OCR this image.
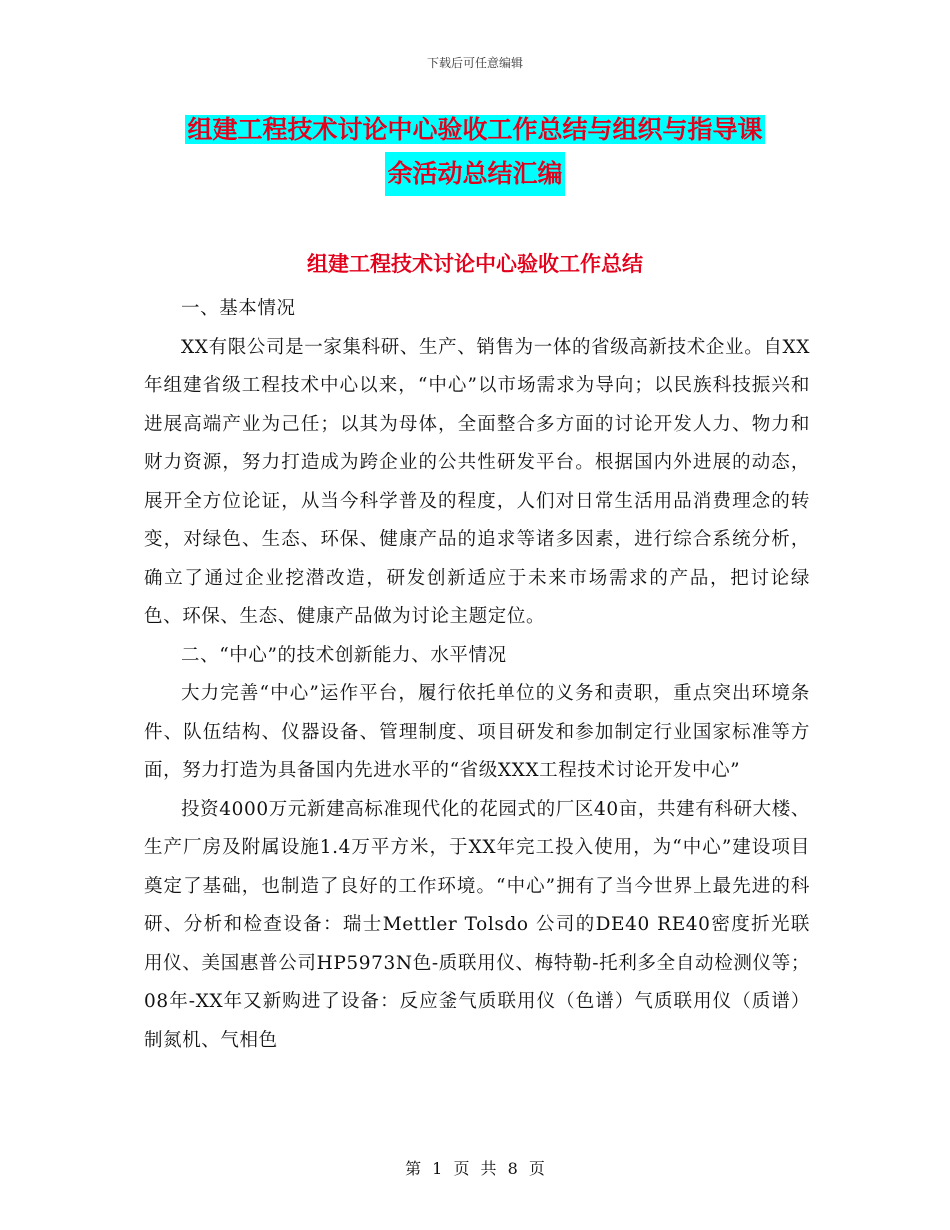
下载后可任意编辑
组建工程技术讨论中心验收工作总结与组织与指导课
余活动总结汇编
组建工程技术讨论中心验收工作总结

一、基本情况

XX有限公司是一家集科研、生产、销售为一体的省级高新技术企业。自XX年组建省级工程技术中心以来，“中心”以市场需求为导向；以民族科技振兴和进展高端产业为己任；以其为母体，全面整合多方面的讨论开发人力、物力和财力资源，努力打造成为跨企业的公共性研发平台。根据国内外进展的动态，展开全方位论证，从当今科学普及的程度，人们对日常生活用品消费理念的转变，对绿色、生态、环保、健康产品的追求等诸多因素，进行综合系统分析，确立了通过企业挖潜改造，研发创新适应于未来市场需求的产品，把讨论绿色、环保、生态、健康产品做为讨论主题定位。

二、“中心”的技术创新能力、水平情况

大力完善“中心”运作平台，履行依托单位的义务和责职，重点突出环境条件、队伍结构、仪器设备、管理制度、项目研发和参加制定行业国家标准等方面，努力打造为具备国内先进水平的“省级XXX工程技术讨论开发中心”

投资4000万元新建高标准现代化的花园式的厂区40亩，共建有科研大楼、生产厂房及附属设施1.4万平方米，于XX年完工投入使用，为“中心”建设项目奠定了基础，也制造了良好的工作环境。“中心”拥有了当今世界上最先进的科研、分析和检查设备：瑞士Mettler Tolsdo 公司的DE40 RE40密度折光联用仪、美国惠普公司HP5973N色-质联用仪、梅特勒-托利多全自动检测仪等；08年-XX年又新购进了设备：反应釜气质联用仪（色谱）气质联用仪（质谱）制氮机、气相色

第 1 页 共 8 页
